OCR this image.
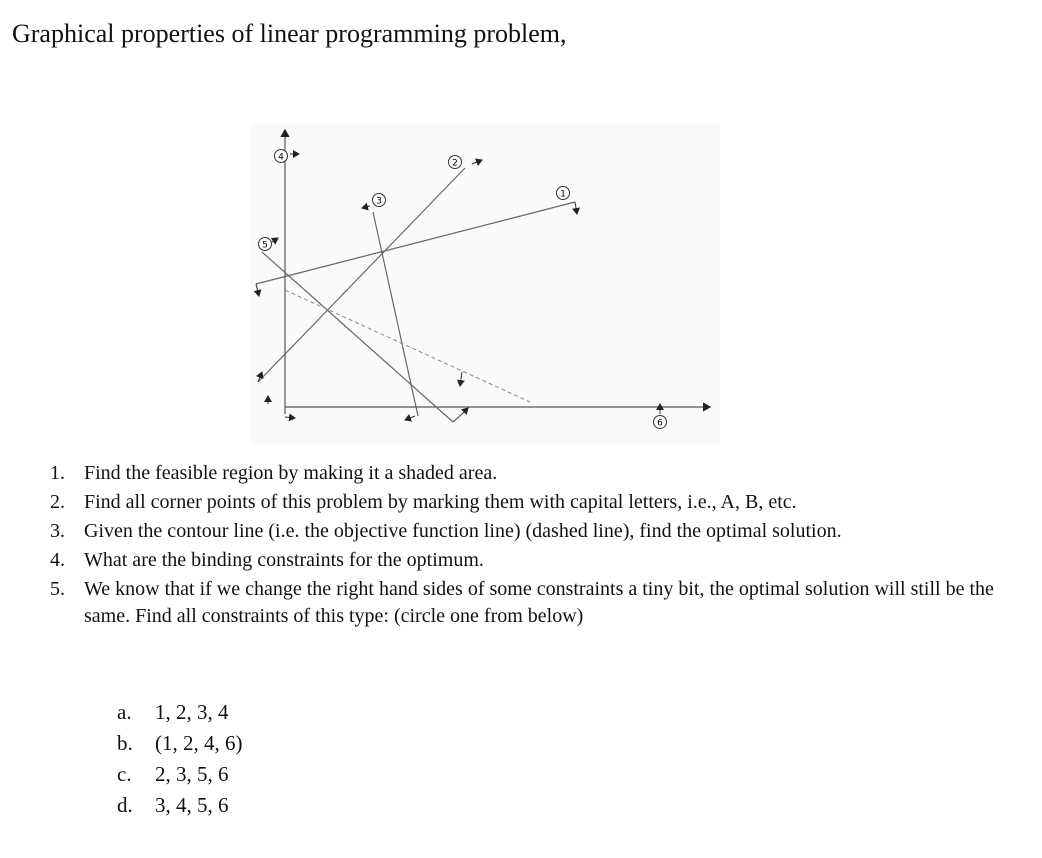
Graphical properties of linear programming problem,
4
2
3
1
5
6
1. Find the feasible region by making it a shaded area.
2. Find all corner points of this problem by marking them with capital letters, i.e., A, B, etc.
3. Given the contour line (i.e. the objective function line) (dashed line), find the optimal solution.
4. What are the binding constraints for the optimum.
5. We know that if we change the right hand sides of some constraints a tiny bit, the optimal solution will still be the same. Find all constraints of this type: (circle one from below)
a. 1, 2, 3, 4
b. (1, 2, 4, 6)
c. 2, 3, 5, 6
d. 3, 4, 5, 6
